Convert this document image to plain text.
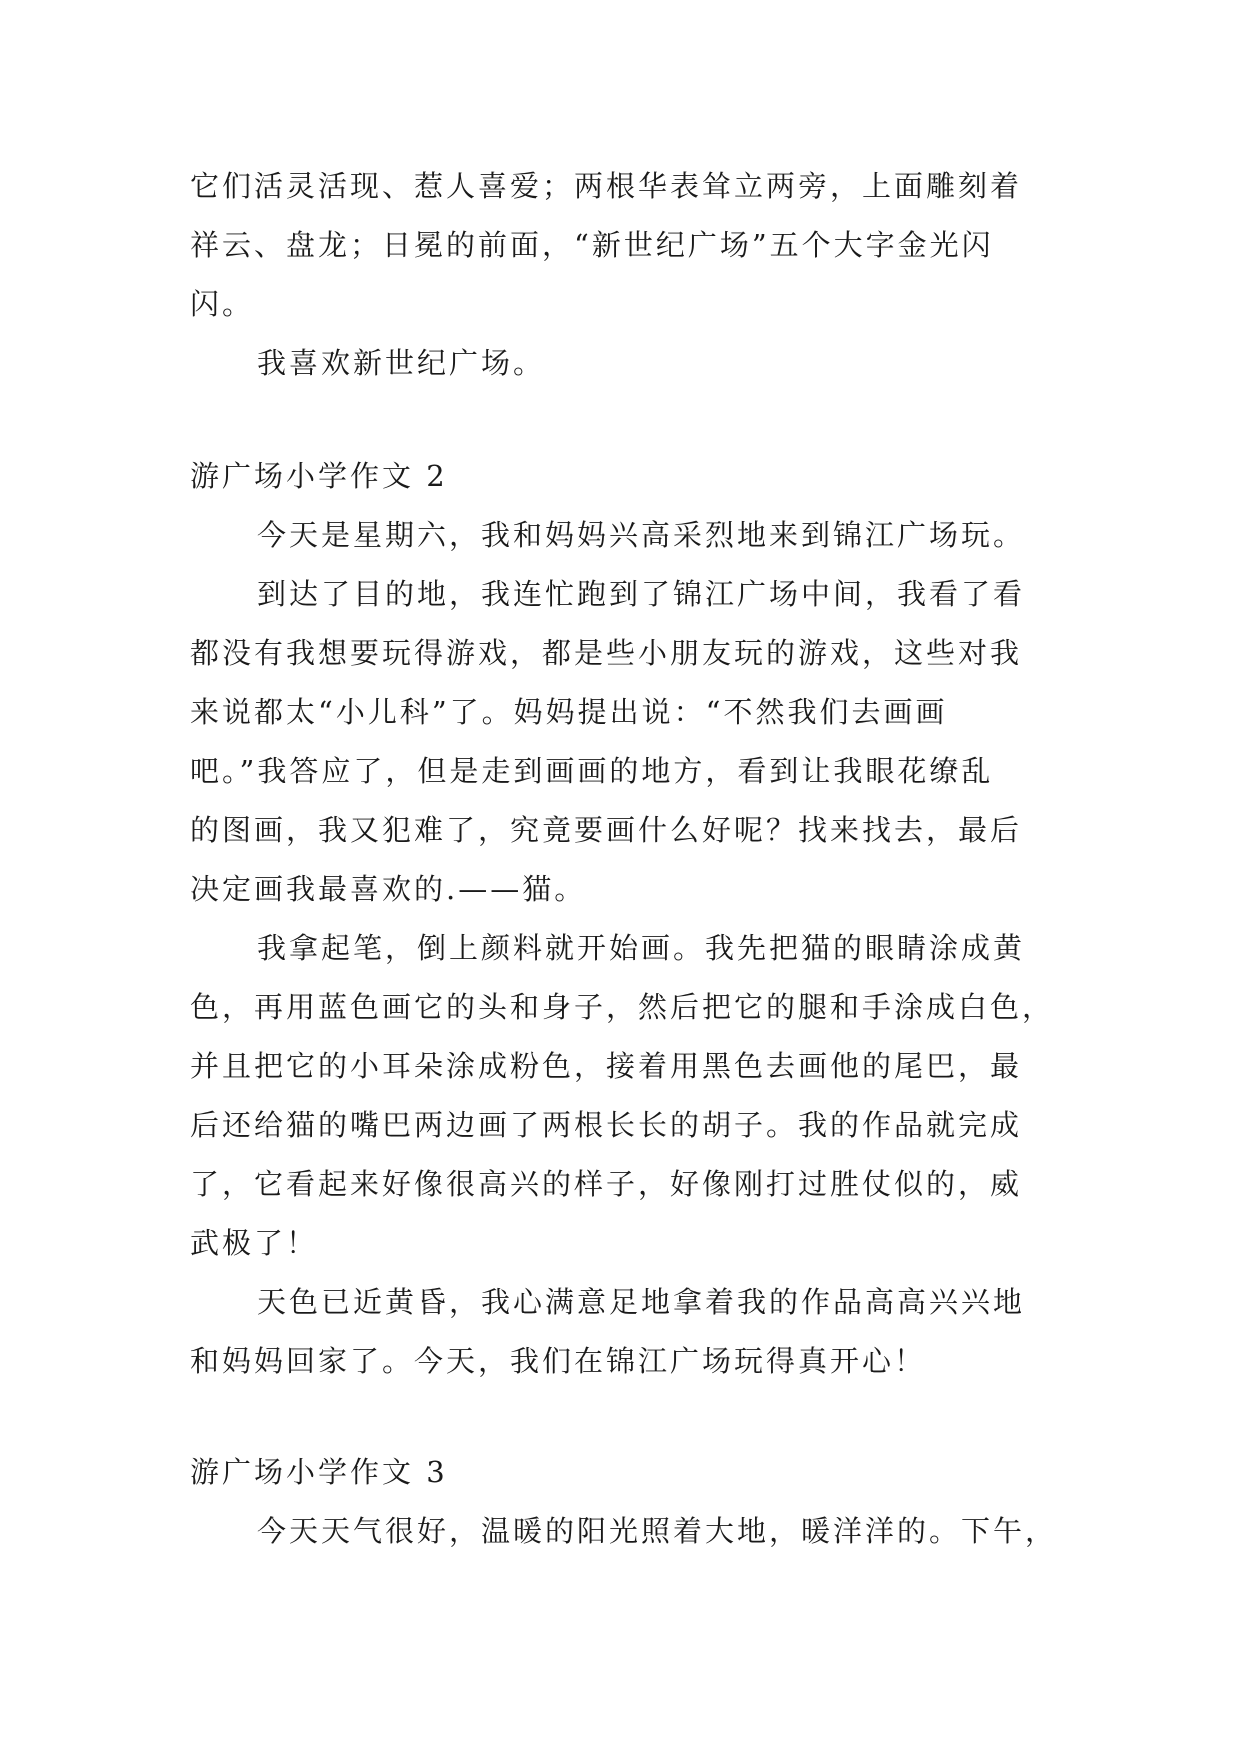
它们活灵活现、惹人喜爱；两根华表耸立两旁，上面雕刻着

祥云、盘龙；日冕的前面，“新世纪广场”五个大字金光闪

闪。

我喜欢新世纪广场。

游广场小学作文 2

今天是星期六，我和妈妈兴高采烈地来到锦江广场玩。

到达了目的地，我连忙跑到了锦江广场中间，我看了看

都没有我想要玩得游戏，都是些小朋友玩的游戏，这些对我

来说都太“小儿科”了。妈妈提出说：“不然我们去画画

吧。”我答应了，但是走到画画的地方，看到让我眼花缭乱

的图画，我又犯难了，究竟要画什么好呢？找来找去，最后

决定画我最喜欢的.——猫。

我拿起笔，倒上颜料就开始画。我先把猫的眼睛涂成黄

色，再用蓝色画它的头和身子，然后把它的腿和手涂成白色，

并且把它的小耳朵涂成粉色，接着用黑色去画他的尾巴，最

后还给猫的嘴巴两边画了两根长长的胡子。我的作品就完成

了，它看起来好像很高兴的样子，好像刚打过胜仗似的，威

武极了！

天色已近黄昏，我心满意足地拿着我的作品高高兴兴地

和妈妈回家了。今天，我们在锦江广场玩得真开心！

游广场小学作文 3

今天天气很好，温暖的阳光照着大地，暖洋洋的。下午，
